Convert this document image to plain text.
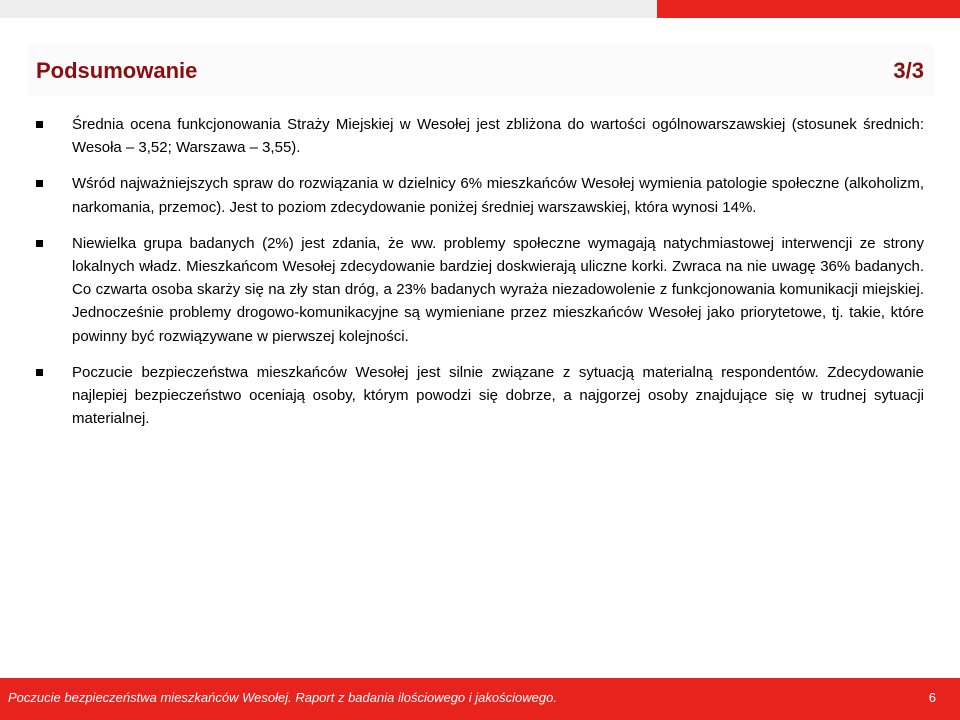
Podsumowanie	3/3
Średnia ocena funkcjonowania Straży Miejskiej w Wesołej jest zbliżona do wartości ogólnowarszawskiej (stosunek średnich: Wesoła – 3,52; Warszawa – 3,55).
Wśród najważniejszych spraw do rozwiązania w dzielnicy 6% mieszkańców Wesołej wymienia patologie społeczne (alkoholizm, narkomania, przemoc). Jest to poziom zdecydowanie poniżej średniej warszawskiej, która wynosi 14%.
Niewielka grupa badanych (2%) jest zdania, że ww. problemy społeczne wymagają natychmiastowej interwencji ze strony lokalnych władz. Mieszkańcom Wesołej zdecydowanie bardziej doskwierają uliczne korki. Zwraca na nie uwagę 36% badanych. Co czwarta osoba skarży się na zły stan dróg, a 23% badanych wyraża niezadowolenie z funkcjonowania komunikacji miejskiej. Jednocześnie problemy drogowo-komunikacyjne są wymieniane przez mieszkańców Wesołej jako priorytetowe, tj. takie, które powinny być rozwiązywane w pierwszej kolejności.
Poczucie bezpieczeństwa mieszkańców Wesołej jest silnie związane z sytuacją materialną respondentów. Zdecydowanie najlepiej bezpieczeństwo oceniają osoby, którym powodzi się dobrze, a najgorzej osoby znajdujące się w trudnej sytuacji materialnej.
Poczucie bezpieczeństwa mieszkańców Wesołej. Raport z badania ilościowego i jakościowego.	6
